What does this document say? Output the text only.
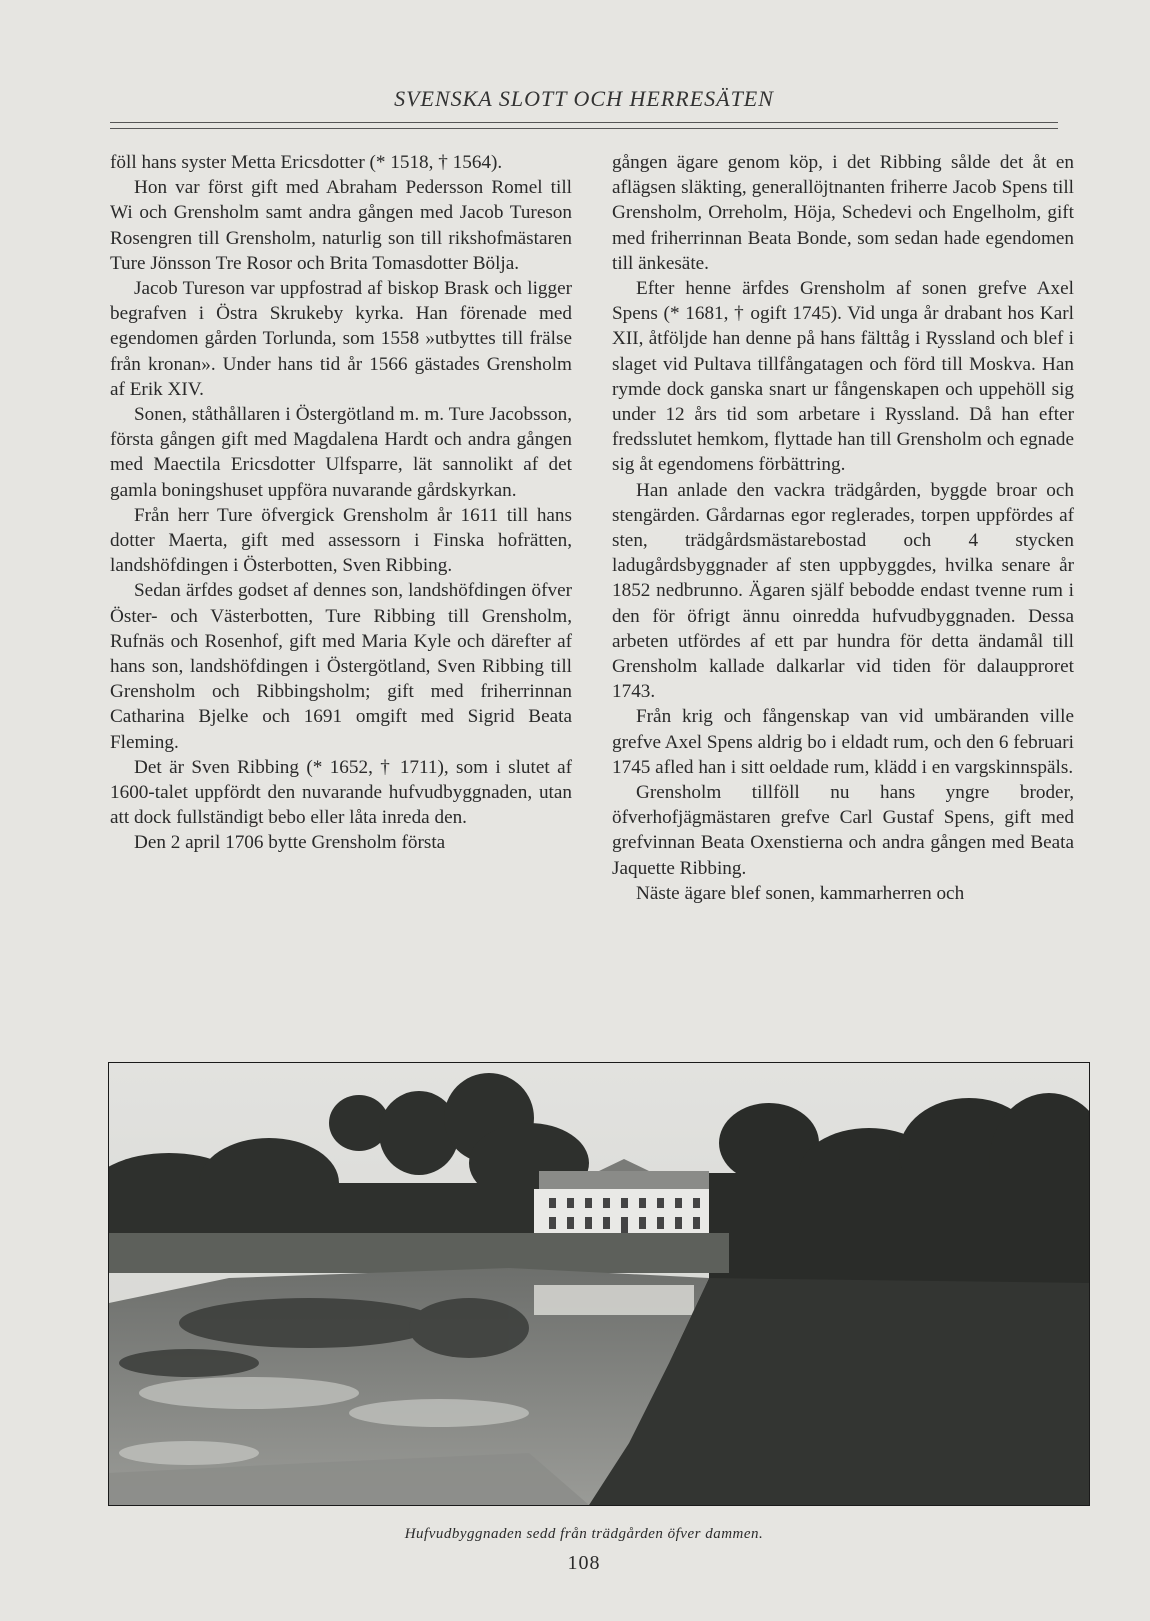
SVENSKA SLOTT OCH HERRESÄTEN

föll hans syster Metta Ericsdotter (* 1518, † 1564).

Hon var först gift med Abraham Pedersson Romel till Wi och Grensholm samt andra gången med Jacob Tureson Rosengren till Grensholm, naturlig son till rikshofmästaren Ture Jönsson Tre Rosor och Brita Tomasdotter Bölja.

Jacob Tureson var uppfostrad af biskop Brask och ligger begrafven i Östra Skrukeby kyrka. Han förenade med egendomen gården Torlunda, som 1558 »utbyttes till frälse från kronan». Under hans tid år 1566 gästades Grensholm af Erik XIV.

Sonen, ståthållaren i Östergötland m. m. Ture Jacobsson, första gången gift med Magdalena Hardt och andra gången med Maectila Ericsdotter Ulfsparre, lät sannolikt af det gamla boningshuset uppföra nuvarande gårdskyrkan.

Från herr Ture öfvergick Grensholm år 1611 till hans dotter Maerta, gift med assessorn i Finska hofrätten, landshöfdingen i Österbotten, Sven Ribbing.

Sedan ärfdes godset af dennes son, landshöfdingen öfver Öster- och Västerbotten, Ture Ribbing till Grensholm, Rufnäs och Rosenhof, gift med Maria Kyle och därefter af hans son, landshöfdingen i Östergötland, Sven Ribbing till Grensholm och Ribbingsholm; gift med friherrinnan Catharina Bjelke och 1691 omgift med Sigrid Beata Fleming.

Det är Sven Ribbing (* 1652, † 1711), som i slutet af 1600-talet uppfördt den nuvarande hufvudbyggnaden, utan att dock fullständigt bebo eller låta inreda den.

Den 2 april 1706 bytte Grensholm första

gången ägare genom köp, i det Ribbing sålde det åt en aflägsen släkting, generallöjtnanten friherre Jacob Spens till Grensholm, Orreholm, Höja, Schedevi och Engelholm, gift med friherrinnan Beata Bonde, som sedan hade egendomen till änkesäte.

Efter henne ärfdes Grensholm af sonen grefve Axel Spens (* 1681, † ogift 1745). Vid unga år drabant hos Karl XII, åtföljde han denne på hans fälttåg i Ryssland och blef i slaget vid Pultava tillfångatagen och förd till Moskva. Han rymde dock ganska snart ur fångenskapen och uppehöll sig under 12 års tid som arbetare i Ryssland. Då han efter fredsslutet hemkom, flyttade han till Grensholm och egnade sig åt egendomens förbättring.

Han anlade den vackra trädgården, byggde broar och stengärden. Gårdarnas egor reglerades, torpen uppfördes af sten, trädgårdsmästarebostad och 4 stycken ladugårdsbyggnader af sten uppbyggdes, hvilka senare år 1852 nedbrunno. Ägaren själf bebodde endast tvenne rum i den för öfrigt ännu oinredda hufvudbyggnaden. Dessa arbeten utfördes af ett par hundra för detta ändamål till Grensholm kallade dalkarlar vid tiden för dalaupproret 1743.

Från krig och fångenskap van vid umbäranden ville grefve Axel Spens aldrig bo i eldadt rum, och den 6 februari 1745 afled han i sitt oeldade rum, klädd i en vargskinnspäls.

Grensholm tillföll nu hans yngre broder, öfverhofjägmästaren grefve Carl Gustaf Spens, gift med grefvinnan Beata Oxenstierna och andra gången med Beata Jaquette Ribbing.

Näste ägare blef sonen, kammarherren och

Hufvudbyggnaden sedd från trädgården öfver dammen.
108
